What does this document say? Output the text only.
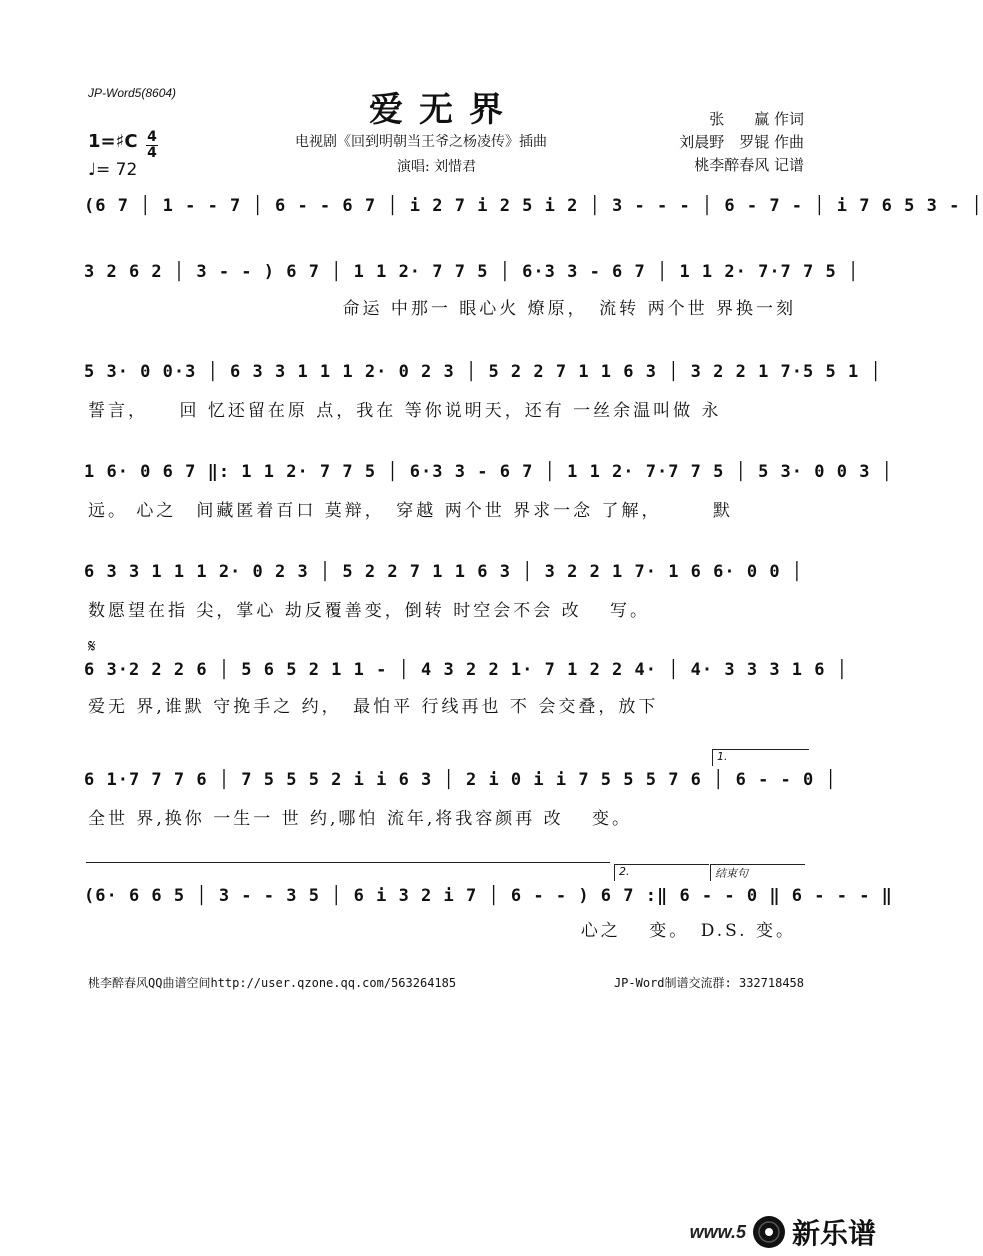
JP-Word5(8604)	爱无界
电视剧《回到明朝当王爷之杨凌传》插曲
演唱: 刘惜君
张　　赢 作词
刘晨野　罗锟 作曲
桃李醉春风 记谱
1=♯C 4
4
♩= 72
(6 7 │ 1 - - 7 │ 6 - - 6 7 │ i 2 7 i 2 5 i 2 │ 3 - - - │ 6 - 7 - │ i 7 6 5 3 - │
3 2 6 2 │ 3 - - ) 6 7 │ 1 1 2· 7 7 5 │ 6·3 3 - 6 7 │ 1 1 2· 7·7 7 5 │
命运 中那一 眼心火 燎原，　流转 两个世 界换一刻
5 3· 0 0·3 │ 6 3 3 1 1 1 2· 0 2 3 │ 5 2 2 7 1 1 6 3 │ 3 2 2 1 7·5 5 1 │
誓言，　　回 忆还留在原 点，我在 等你说明天，还有 一丝余温叫做 永
1 6· 0 6 7 ‖: 1 1 2· 7 7 5 │ 6·3 3 - 6 7 │ 1 1 2· 7·7 7 5 │ 5 3· 0 0 3 │
远。 心之　间藏匿着百口 莫辩，　穿越 两个世 界求一念 了解，　　　默
6 3 3 1 1 1 2· 0 2 3 │ 5 2 2 7 1 1 6 3 │ 3 2 2 1 7· 1 6 6· 0 0 │
数愿望在指 尖，掌心 劫反覆善变，倒转 时空会不会 改　 写。
𝄋
6 3·2 2 2 6 │ 5 6 5 2 1 1 - │ 4 3 2 2 1· 7 1 2 2 4· │ 4· 3 3 3 1 6 │
爱无 界,谁默 守挽手之 约，　最怕平 行线再也 不 会交叠，放下
1.
6 1·7 7 7 6 │ 7 5 5 5 2 i i 6 3 │ 2 i 0 i i 7 5 5 5 7 6 │ 6 - - 0 │
全世 界,换你 一生一 世 约,哪怕 流年,将我容颜再 改　 变。
2.	结束句
(6· 6 6 5 │ 3 - - 3 5 │ 6 i 3 2 i 7 │ 6 - - ) 6 7 :‖ 6 - - 0 ‖ 6 - - - ‖
心之　 变。　D.S. 变。
桃李醉春风QQ曲谱空间http://user.qzone.qq.com/563264185	JP-Word制谱交流群: 332718458
www.5 新乐谱
